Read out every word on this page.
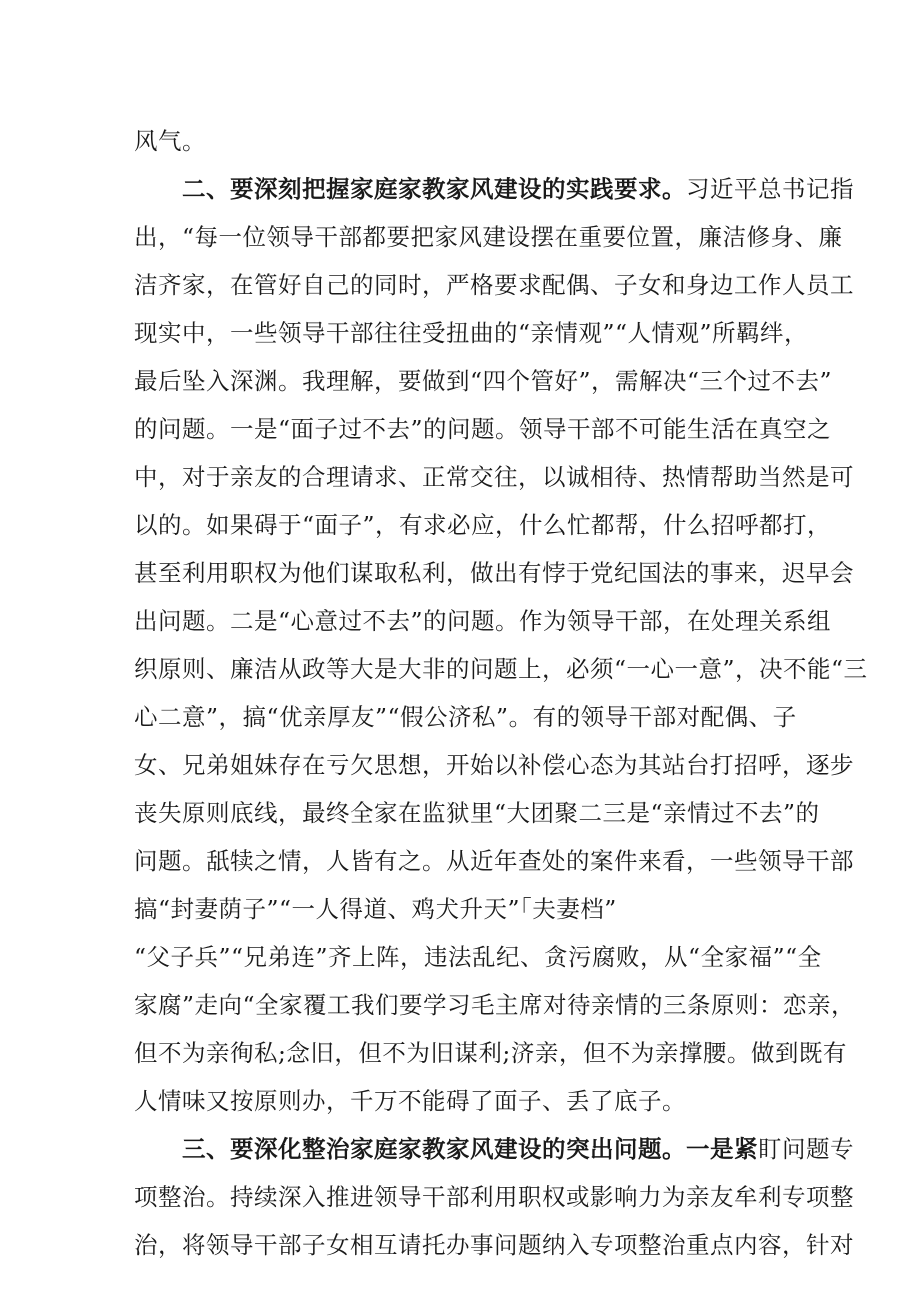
风气。
二、要深刻把握家庭家教家风建设的实践要求。习近平总书记指
出，“每一位领导干部都要把家风建设摆在重要位置，廉洁修身、廉
洁齐家，在管好自己的同时，严格要求配偶、子女和身边工作人员工
现实中，一些领导干部往往受扭曲的“亲情观”“人情观”所羁绊，
最后坠入深渊。我理解，要做到“四个管好”，需解决“三个过不去”
的问题。一是“面子过不去”的问题。领导干部不可能生活在真空之
中，对于亲友的合理请求、正常交往，以诚相待、热情帮助当然是可
以的。如果碍于“面子”，有求必应，什么忙都帮，什么招呼都打，
甚至利用职权为他们谋取私利，做出有悖于党纪国法的事来，迟早会
出问题。二是“心意过不去”的问题。作为领导干部，在处理关系组
织原则、廉洁从政等大是大非的问题上，必须“一心一意”，决不能“三
心二意”，搞“优亲厚友”“假公济私”。有的领导干部对配偶、子
女、兄弟姐妹存在亏欠思想，开始以补偿心态为其站台打招呼，逐步
丧失原则底线，最终全家在监狱里“大团聚二三是“亲情过不去”的
问题。舐犊之情，人皆有之。从近年查处的案件来看，一些领导干部
搞“封妻荫子”“一人得道、鸡犬升天”「夫妻档”
“父子兵”“兄弟连”齐上阵，违法乱纪、贪污腐败，从“全家福”“全
家腐”走向“全家覆工我们要学习毛主席对待亲情的三条原则：恋亲，
但不为亲徇私;念旧，但不为旧谋利;济亲，但不为亲撑腰。做到既有
人情味又按原则办，千万不能碍了面子、丢了底子。
三、要深化整治家庭家教家风建设的突出问题。一是紧盯问题专
项整治。持续深入推进领导干部利用职权或影响力为亲友牟利专项整
治，将领导干部子女相互请托办事问题纳入专项整治重点内容，针对
